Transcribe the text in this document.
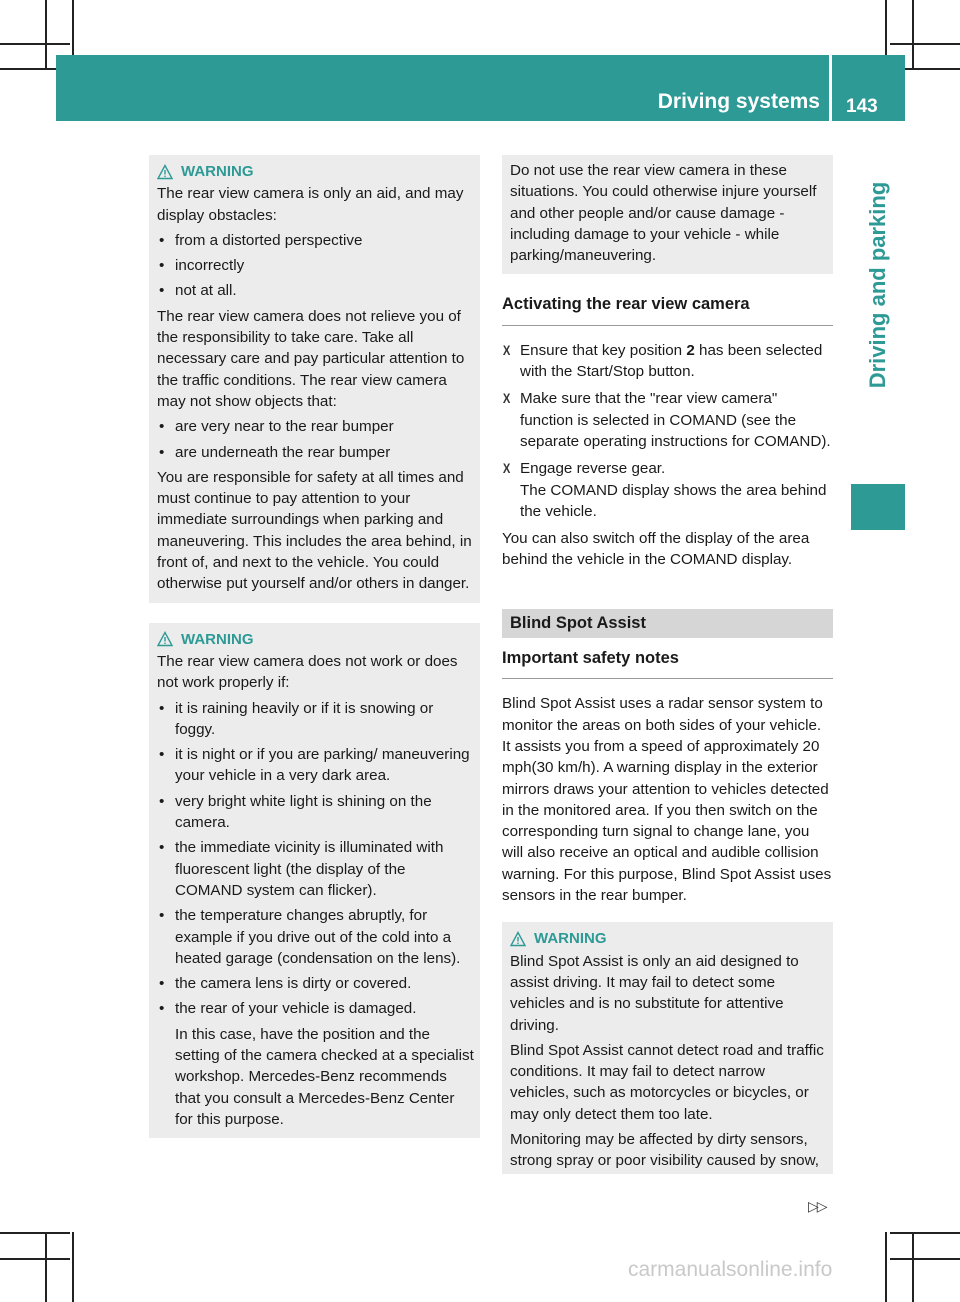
Driving systems 143
Driving and parking
WARNING

The rear view camera is only an aid, and may display obstacles:

• from a distorted perspective
• incorrectly
• not at all.

The rear view camera does not relieve you of the responsibility to take care. Take all necessary care and pay particular attention to the traffic conditions. The rear view camera may not show objects that:

• are very near to the rear bumper
• are underneath the rear bumper

You are responsible for safety at all times and must continue to pay attention to your immediate surroundings when parking and maneuvering. This includes the area behind, in front of, and next to the vehicle. You could otherwise put yourself and/or others in danger.

WARNING

The rear view camera does not work or does not work properly if:

• it is raining heavily or if it is snowing or foggy.
• it is night or if you are parking/ maneuvering your vehicle in a very dark area.
• very bright white light is shining on the camera.
• the immediate vicinity is illuminated with fluorescent light (the display of the COMAND system can flicker).
• the temperature changes abruptly, for example if you drive out of the cold into a heated garage (condensation on the lens).
• the camera lens is dirty or covered.
• the rear of your vehicle is damaged.

In this case, have the position and the setting of the camera checked at a specialist workshop. Mercedes-Benz recommends that you consult a Mercedes-Benz Center for this purpose.

Do not use the rear view camera in these situations. You could otherwise injure yourself and other people and/or cause damage - including damage to your vehicle - while parking/maneuvering.

Activating the rear view camera
X Ensure that key position 2 has been selected with the Start/Stop button.
X Make sure that the "rear view camera" function is selected in COMAND (see the separate operating instructions for COMAND).
X Engage reverse gear.
The COMAND display shows the area behind the vehicle.

You can also switch off the display of the area behind the vehicle in the COMAND display.

Blind Spot Assist
Important safety notes

Blind Spot Assist uses a radar sensor system to monitor the areas on both sides of your vehicle. It assists you from a speed of approximately 20 mph(30 km/h). A warning display in the exterior mirrors draws your attention to vehicles detected in the monitored area. If you then switch on the corresponding turn signal to change lane, you will also receive an optical and audible collision warning. For this purpose, Blind Spot Assist uses sensors in the rear bumper.

WARNING

Blind Spot Assist is only an aid designed to assist driving. It may fail to detect some vehicles and is no substitute for attentive driving.

Blind Spot Assist cannot detect road and traffic conditions. It may fail to detect narrow vehicles, such as motorcycles or bicycles, or may only detect them too late.

Monitoring may be affected by dirty sensors, strong spray or poor visibility caused by snow,

▷▷
carmanualsonline.info
